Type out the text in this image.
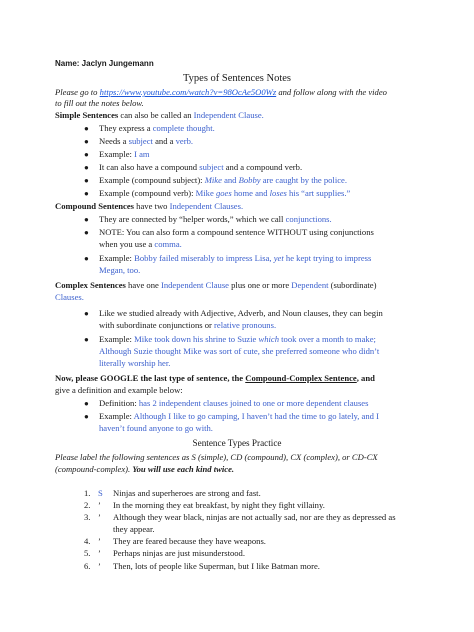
Name: Jaclyn Jungemann
Types of Sentences Notes
Please go to https://www.youtube.com/watch?v=98OcAe5O0Wz and follow along with the video
to fill out the notes below.
Simple Sentences can also be called an Independent Clause.
● They express a complete thought.
● Needs a subject and a verb.
● Example: I am
● It can also have a compound subject and a compound verb.
● Example (compound subject): Mike and Bobby are caught by the police.
● Example (compound verb): Mike goes home and loses his “art supplies.”
Compound Sentences have two Independent Clauses.
● They are connected by “helper words,” which we call conjunctions.
● NOTE: You can also form a compound sentence WITHOUT using conjunctions
when you use a comma.
● Example: Bobby failed miserably to impress Lisa, yet he kept trying to impress
Megan, too.
Complex Sentences have one Independent Clause plus one or more Dependent (subordinate)
Clauses.
● Like we studied already with Adjective, Adverb, and Noun clauses, they can begin
with subordinate conjunctions or relative pronouns.
● Example: Mike took down his shrine to Suzie which took over a month to make;
Although Suzie thought Mike was sort of cute, she preferred someone who didn’t
literally worship her.
Now, please GOOGLE the last type of sentence, the Compound-Complex Sentence, and
give a definition and example below:
● Definition: has 2 independent clauses joined to one or more dependent clauses
● Example: Although I like to go camping, I haven’t had the time to go lately, and I
haven’t found anyone to go with.
Sentence Types Practice
Please label the following sentences as S (simple), CD (compound), CX (complex), or CD-CX
(compound-complex). You will use each kind twice.
1. S Ninjas and superheroes are strong and fast.
2. ’ In the morning they eat breakfast, by night they fight villainy.
3. ’ Although they wear black, ninjas are not actually sad, nor are they as depressed as
they appear.
4. ’ They are feared because they have weapons.
5. ’ Perhaps ninjas are just misunderstood.
6. ’ Then, lots of people like Superman, but I like Batman more.
